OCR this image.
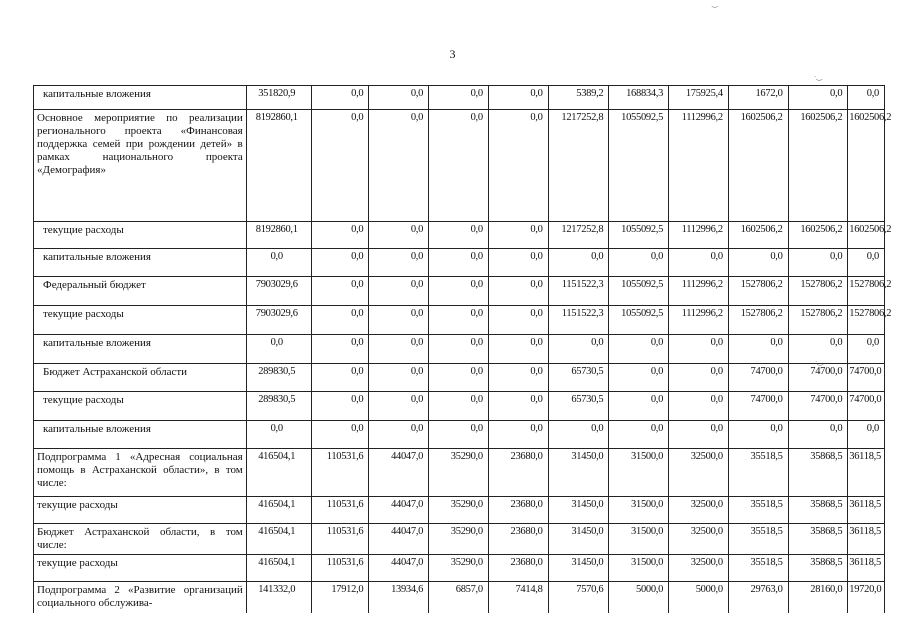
3
капитальные вложения	351820,9	0,0	0,0	0,0	0,0	5389,2	168834,3	175925,4	1672,0	0,0	0,0
Основное мероприятие по реализации регионального проекта «Финансовая поддержка семей при рождении детей» в рамках национального проекта «Демография»	8192860,1	0,0	0,0	0,0	0,0	1217252,8	1055092,5	1112996,2	1602506,2	1602506,2	1602506,2
текущие расходы	8192860,1	0,0	0,0	0,0	0,0	1217252,8	1055092,5	1112996,2	1602506,2	1602506,2	1602506,2
капитальные вложения	0,0	0,0	0,0	0,0	0,0	0,0	0,0	0,0	0,0	0,0	0,0
Федеральный бюджет	7903029,6	0,0	0,0	0,0	0,0	1151522,3	1055092,5	1112996,2	1527806,2	1527806,2	1527806,2
текущие расходы	7903029,6	0,0	0,0	0,0	0,0	1151522,3	1055092,5	1112996,2	1527806,2	1527806,2	1527806,2
капитальные вложения	0,0	0,0	0,0	0,0	0,0	0,0	0,0	0,0	0,0	0,0	0,0
Бюджет Астраханской области	289830,5	0,0	0,0	0,0	0,0	65730,5	0,0	0,0	74700,0	74700,0	74700,0
текущие расходы	289830,5	0,0	0,0	0,0	0,0	65730,5	0,0	0,0	74700,0	74700,0	74700,0
капитальные вложения	0,0	0,0	0,0	0,0	0,0	0,0	0,0	0,0	0,0	0,0	0,0
Подпрограмма 1 «Адресная социальная помощь в Астраханской области», в том числе:	416504,1	110531,6	44047,0	35290,0	23680,0	31450,0	31500,0	32500,0	35518,5	35868,5	36118,5
текущие расходы	416504,1	110531,6	44047,0	35290,0	23680,0	31450,0	31500,0	32500,0	35518,5	35868,5	36118,5
Бюджет Астраханской области, в том числе:	416504,1	110531,6	44047,0	35290,0	23680,0	31450,0	31500,0	32500,0	35518,5	35868,5	36118,5
текущие расходы	416504,1	110531,6	44047,0	35290,0	23680,0	31450,0	31500,0	32500,0	35518,5	35868,5	36118,5
Подпрограмма 2 «Развитие организаций социального обслужива-	141332,0	17912,0	13934,6	6857,0	7414,8	7570,6	5000,0	5000,0	29763,0	28160,0	19720,0
·‿
·‿
‿
